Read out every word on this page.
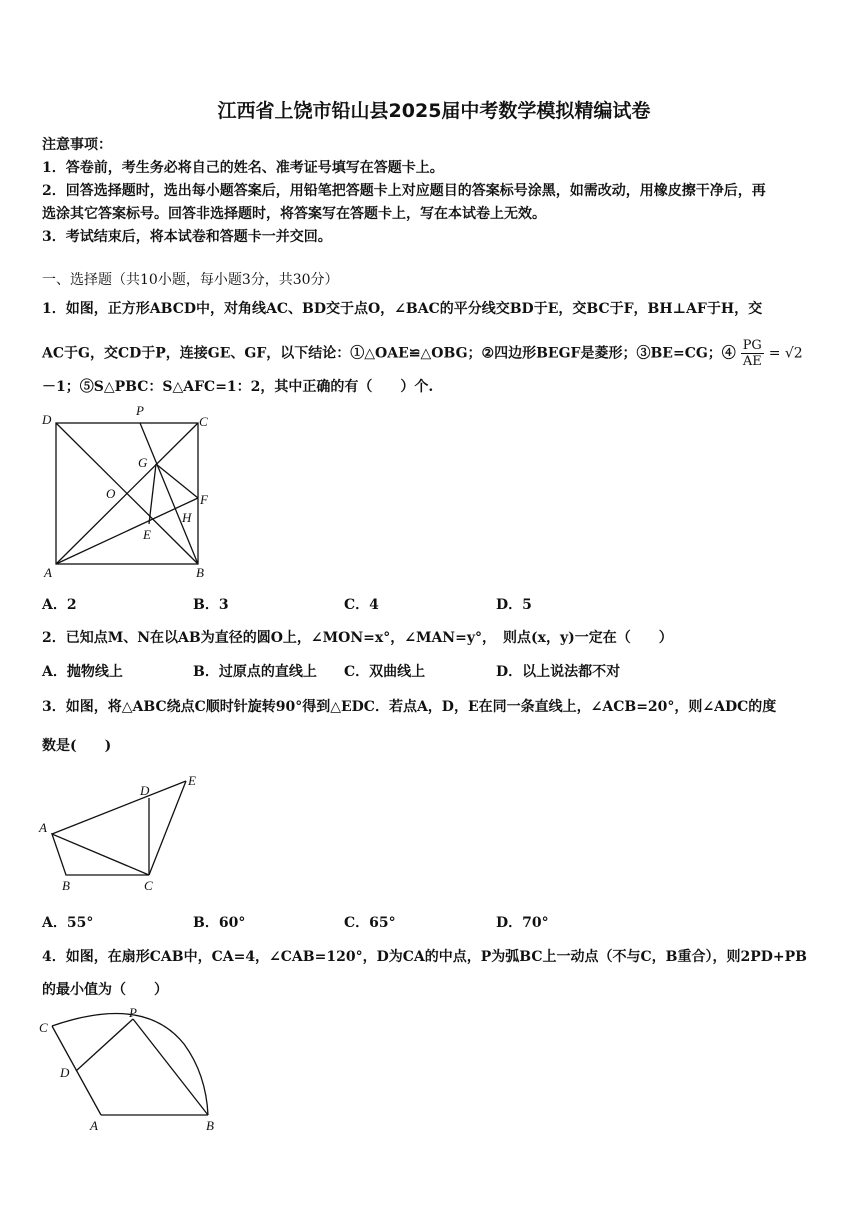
江西省上饶市铅山县2025届中考数学模拟精编试卷
注意事项：
1．答卷前，考生务必将自己的姓名、准考证号填写在答题卡上。
2．回答选择题时，选出每小题答案后，用铅笔把答题卡上对应题目的答案标号涂黑，如需改动，用橡皮擦干净后，再
选涂其它答案标号。回答非选择题时，将答案写在答题卡上，写在本试卷上无效。
3．考试结束后，将本试卷和答题卡一并交回。
一、选择题（共10小题，每小题3分，共30分）
1．如图，正方形ABCD中，对角线AC、BD交于点O，∠BAC的平分线交BD于E，交BC于F，BH⊥AF于H，交
AC于G，交CD于P，连接GE、GF，以下结论：①△OAE≌△OBG；②四边形BEGF是菱形；③BE=CG；④ $\frac{PG}{AE} = √2$
－1；⑤S△PBC：S△AFC=1：2，其中正确的有（　　）个.
D
P
C
G
O	F
H
E
A	B
A．2	B．3	C．4	D．5
2．已知点M、N在以AB为直径的圆O上，∠MON=x°，∠MAN=y°，　则点(x，y)一定在（　　）
A．抛物线上	B．过原点的直线上 C．双曲线上	D．以上说法都不对
3．如图，将△ABC绕点C顺时针旋转90°得到△EDC．若点A，D，E在同一条直线上，∠ACB=20°，则∠ADC的度
数是(　　)
A
D
E
B	C
A．55°	B．60°	C．65°	D．70°
4．如图，在扇形CAB中，CA=4，∠CAB=120°，D为CA的中点，P为弧BC上一动点（不与C，B重合），则2PD+PB
的最小值为（　　）
C
P
D
A	B
